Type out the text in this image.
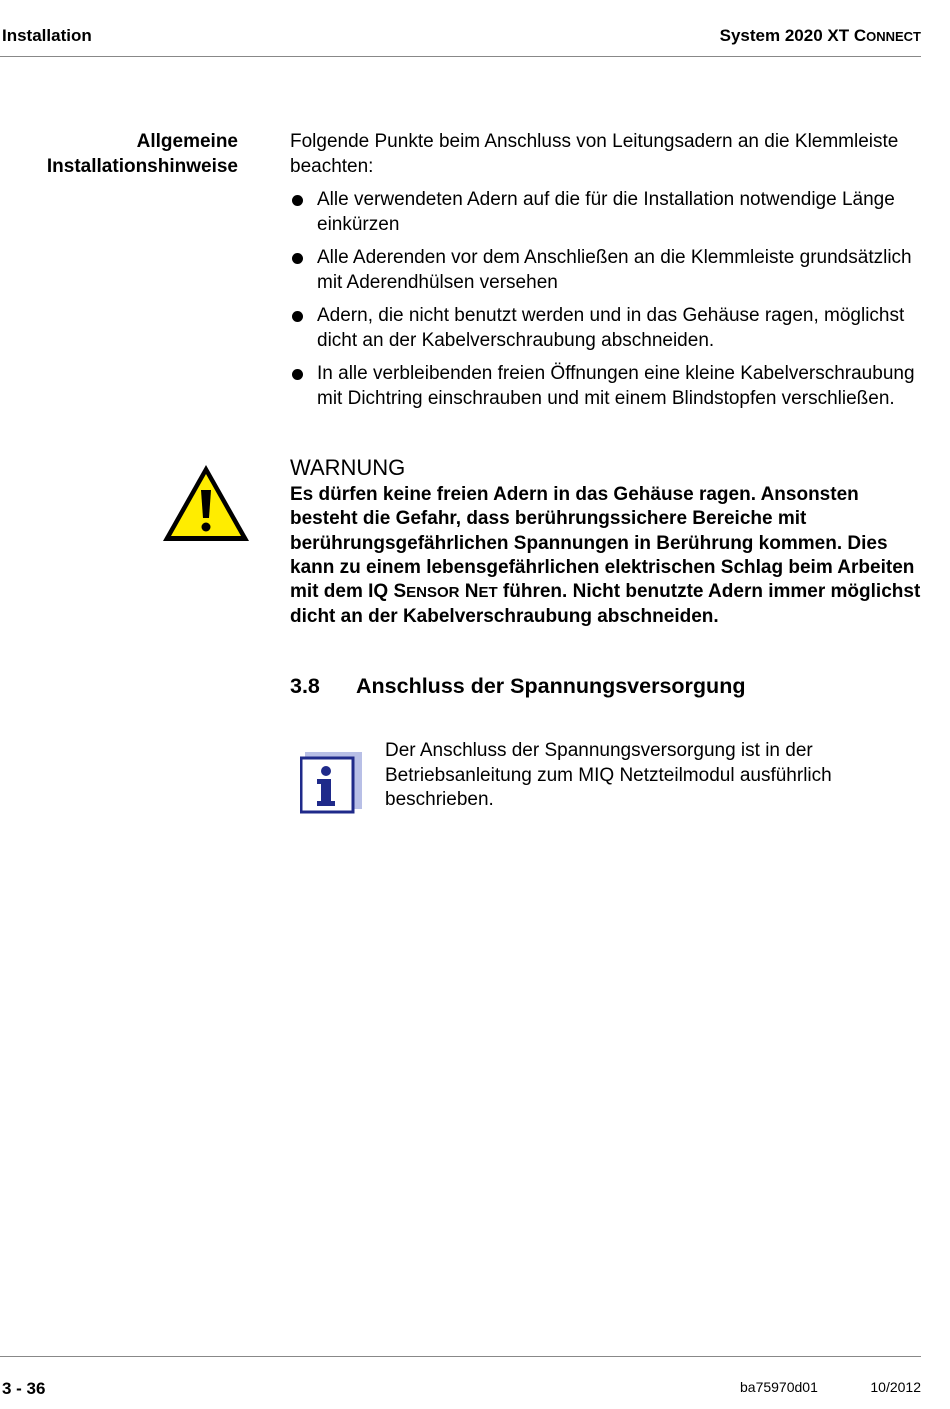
Installation	System 2020 XT CONNECT
Allgemeine
Installationshinweise

Folgende Punkte beim Anschluss von Leitungsadern an die Klemmleiste beachten:

Alle verwendeten Adern auf die für die Installation notwendige Länge einkürzen
Alle Aderenden vor dem Anschließen an die Klemmleiste grundsätzlich mit Aderendhülsen versehen
Adern, die nicht benutzt werden und in das Gehäuse ragen, möglichst dicht an der Kabelverschraubung abschneiden.
In alle verbleibenden freien Öffnungen eine kleine Kabelverschraubung mit Dichtring einschrauben und mit einem Blindstopfen verschließen.
WARNUNG
Es dürfen keine freien Adern in das Gehäuse ragen. Ansonsten besteht die Gefahr, dass berührungssichere Bereiche mit berührungsgefährlichen Spannungen in Berührung kommen. Dies kann zu einem lebensgefährlichen elektrischen Schlag beim Arbeiten mit dem IQ SENSOR NET führen. Nicht benutzte Adern immer möglichst dicht an der Kabelverschraubung abschneiden.
3.8 Anschluss der Spannungsversorgung
Der Anschluss der Spannungsversorgung ist in der Betriebsanleitung zum MIQ Netzteilmodul ausführlich beschrieben.
3 - 36	ba75970d01	10/2012
